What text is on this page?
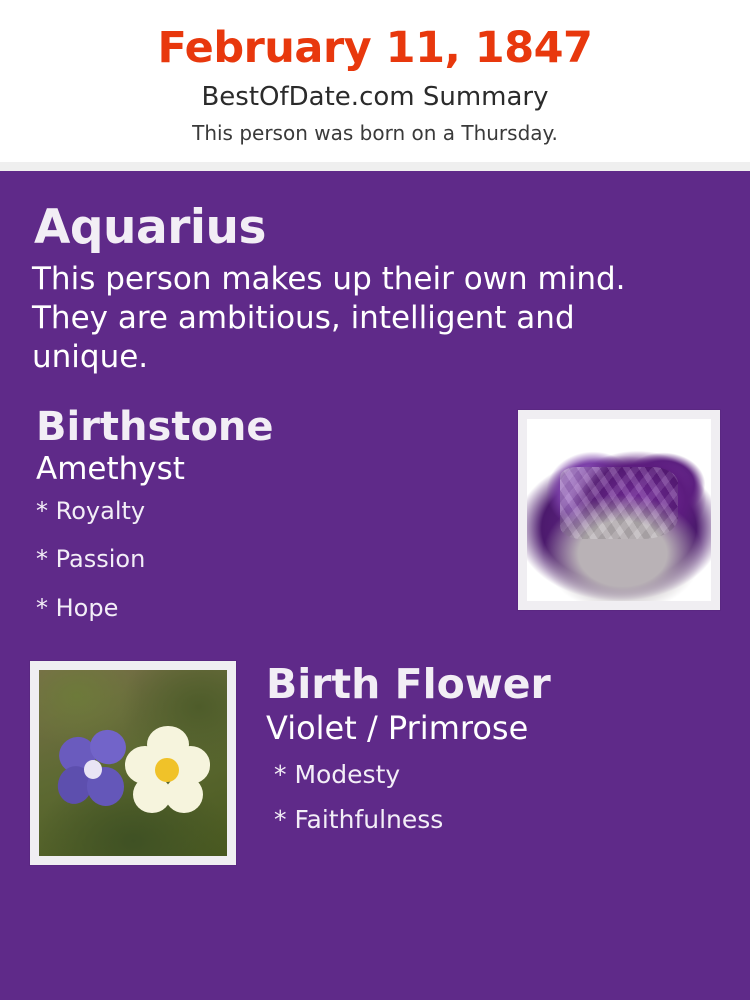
February 11, 1847
BestOfDate.com Summary
This person was born on a Thursday.
Aquarius
This person makes up their own mind. They are ambitious, intelligent and unique.
Birthstone
Amethyst
* Royalty
* Passion
* Hope
Birth Flower
Violet / Primrose
* Modesty
* Faithfulness
